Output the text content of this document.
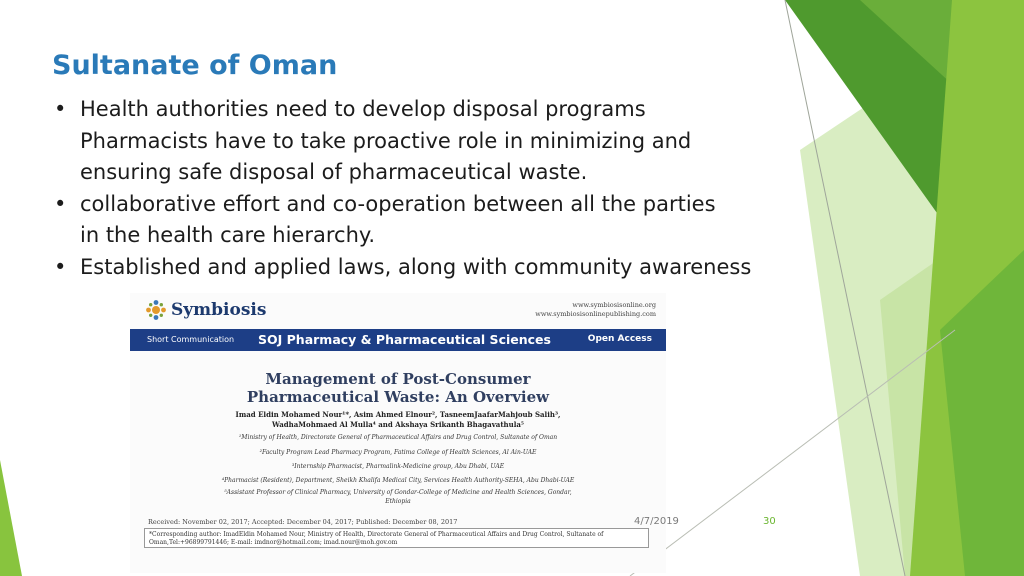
Sultanate of Oman
• Health authorities need to develop disposal programs
Pharmacists have to take proactive role in minimizing and
ensuring safe disposal of pharmaceutical waste.
• collaborative effort and co-operation between all the parties
in the health care hierarchy.
• Established and applied laws, along with community awareness
Symbiosis	www.symbiosisonline.org
www.symbiosisonlinepublishing.com
Short Communication SOJ Pharmacy & Pharmaceutical Sciences	Open Access
Management of Post-Consumer
Pharmaceutical Waste: An Overview
Imad Eldin Mohamed Nour¹*, Asim Ahmed Elnour², TasneemJaafarMahjoub Salih³,
WadhaMohmaed Al Mulla⁴ and Akshaya Srikanth Bhagavathula⁵
¹Ministry of Health, Directorate General of Pharmaceutical Affairs and Drug Control, Sultanate of Oman
²Faculty Program Lead Pharmacy Program, Fatima College of Health Sciences, Al Ain-UAE
³Internship Pharmacist, Pharmalink-Medicine group, Abu Dhabi, UAE
⁴Pharmacist (Resident), Department, Sheikh Khalifa Medical City, Services Health Authority-SEHA, Abu Dhabi-UAE
⁵Assistant Professor of Clinical Pharmacy, University of Gondar-College of Medicine and Health Sciences, Gondar,
Ethiopia
Received: November 02, 2017; Accepted: December 04, 2017; Published: December 08, 2017
*Corresponding author: ImadEldin Mohamed Nour, Ministry of Health, Directorate General of Pharmaceutical Affairs and Drug Control, Sultanate of
Oman,Tel:+96899791446; E-mail: imdnor@hotmail.com; imad.nour@moh.gov.om
4/7/2019	30
